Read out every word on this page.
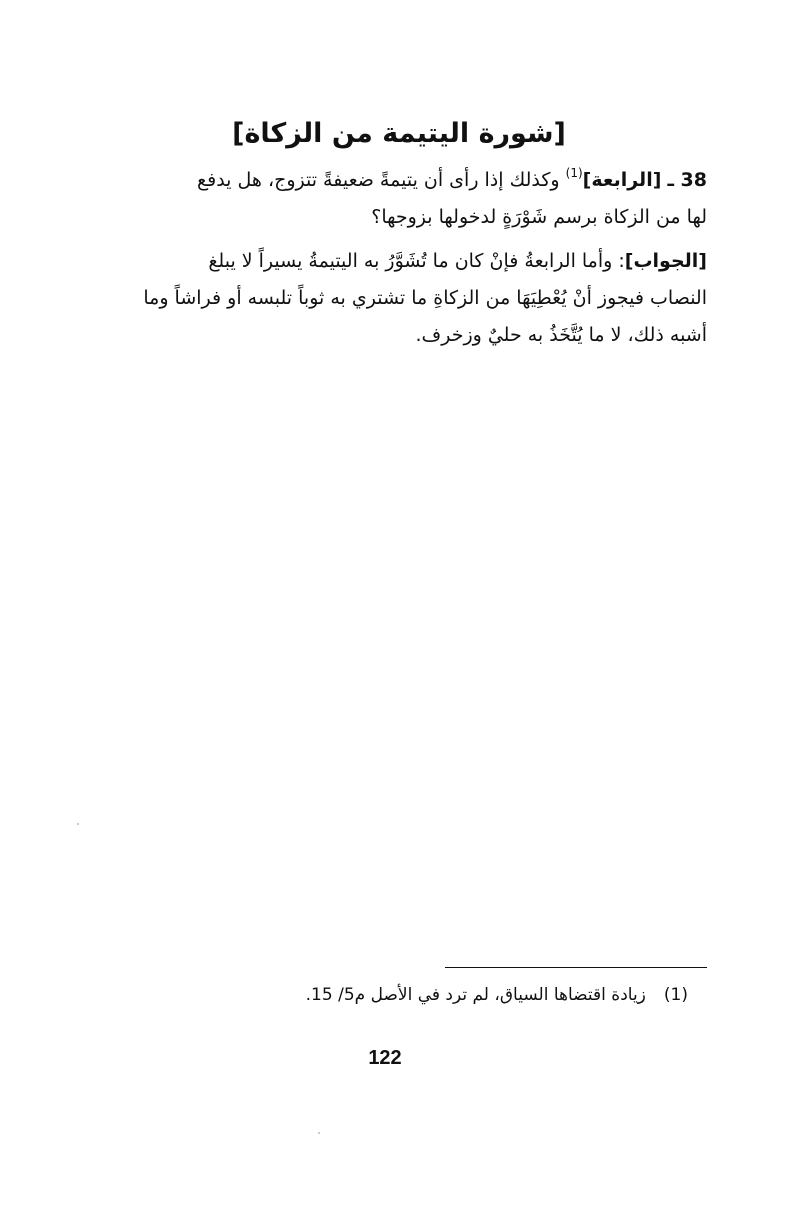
[شورة اليتيمة من الزكاة]
38 ـ [الرابعة]$^{(1)}$ وكذلك إذا رأى أن يتيمةً ضعيفةً تتزوج، هل يدفع
لها من الزكاة برسم شَوْرَةٍ لدخولها بزوجها؟
[الجواب]: وأما الرابعةُ فإنْ كان ما تُشَوَّرُ به اليتيمةُ يسيراً لا يبلغ
النصاب فيجوز أنْ يُعْطِيَهَا من الزكاةِ ما تشتري به ثوباً تلبسه أو فراشاً وما
أشبه ذلك، لا ما يُتَّخَذُ به حليٌ وزخرف.
(1)زيادة اقتضاها السياق، لم ترد في الأصل م5/ 15.
122
